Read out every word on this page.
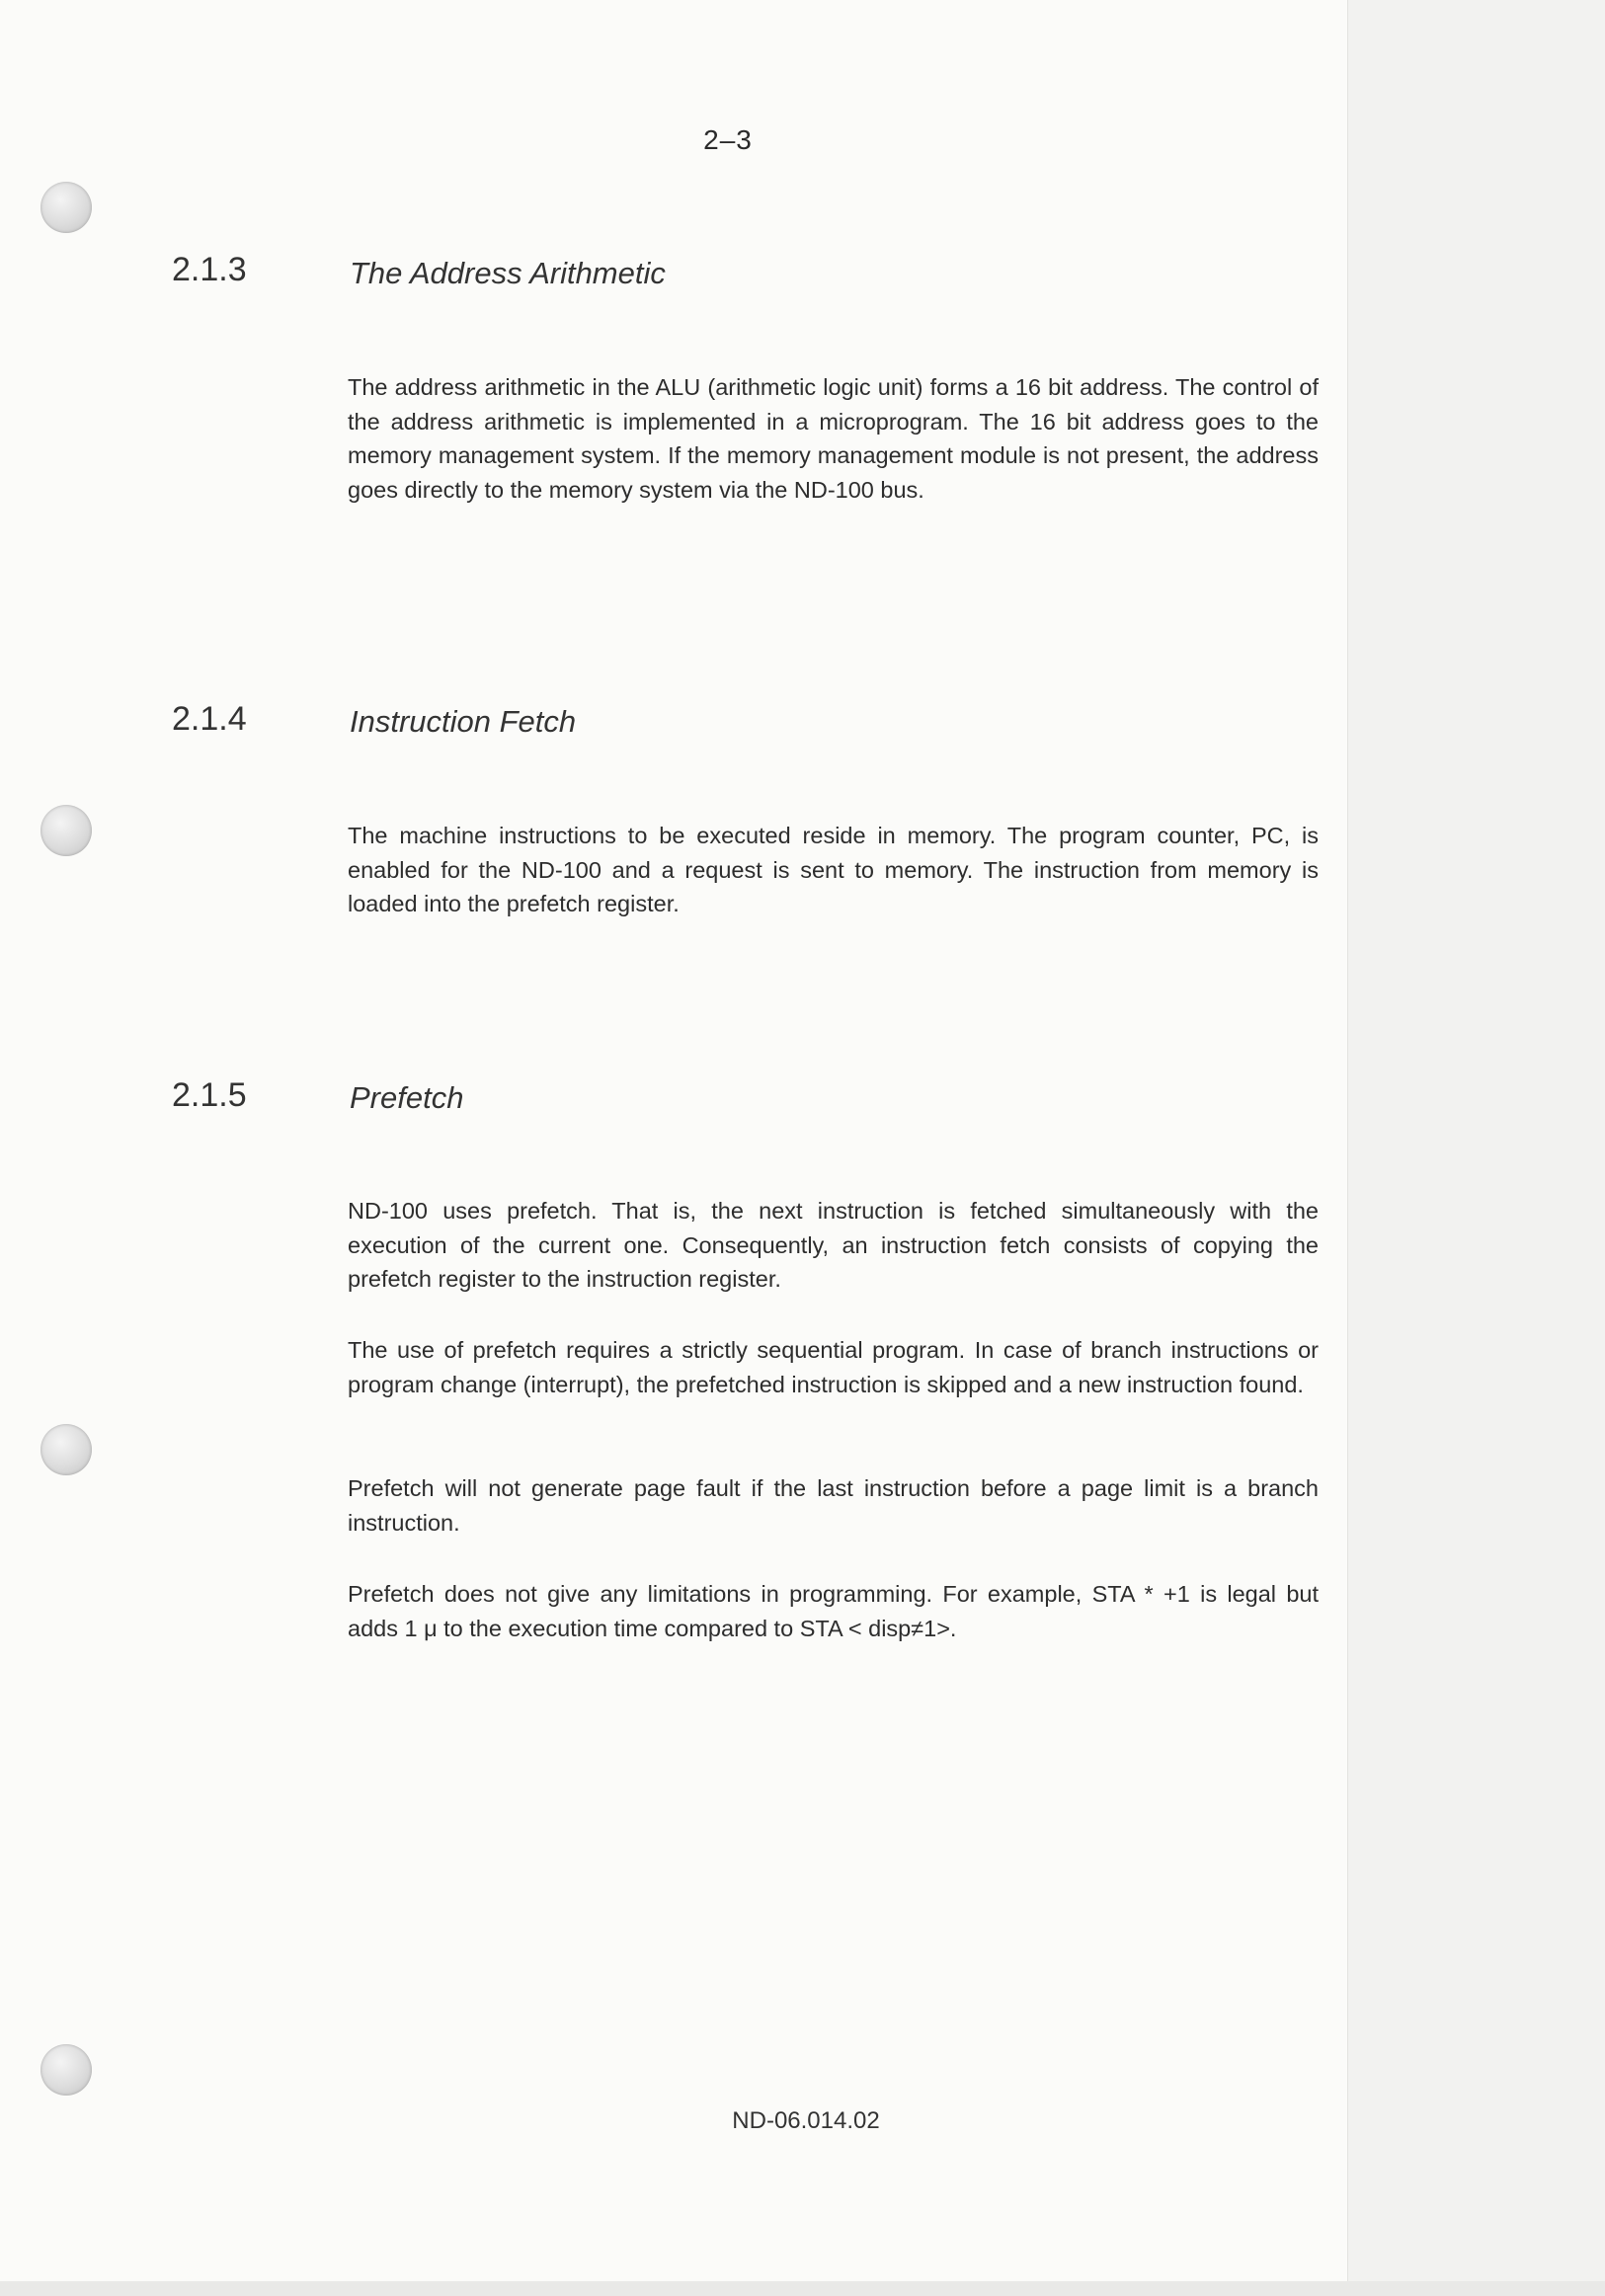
2–3
2.1.3	The Address Arithmetic

The address arithmetic in the ALU (arithmetic logic unit) forms a 16 bit address. The control of the address arithmetic is implemented in a microprogram. The 16 bit address goes to the memory management system. If the memory management module is not present, the address goes directly to the memory system via the ND-100 bus.

2.1.4	Instruction Fetch

The machine instructions to be executed reside in memory. The program counter, PC, is enabled for the ND-100 and a request is sent to memory. The instruction from memory is loaded into the prefetch register.

2.1.5	Prefetch

ND-100 uses prefetch. That is, the next instruction is fetched simultaneously with the execution of the current one. Consequently, an instruction fetch consists of copying the prefetch register to the instruction register.

The use of prefetch requires a strictly sequential program. In case of branch instructions or program change (interrupt), the prefetched instruction is skipped and a new instruction found.

Prefetch will not generate page fault if the last instruction before a page limit is a branch instruction.

Prefetch does not give any limitations in programming. For example, STA * +1 is legal but adds 1 μ to the execution time compared to STA < disp≠1>.

ND-06.014.02
